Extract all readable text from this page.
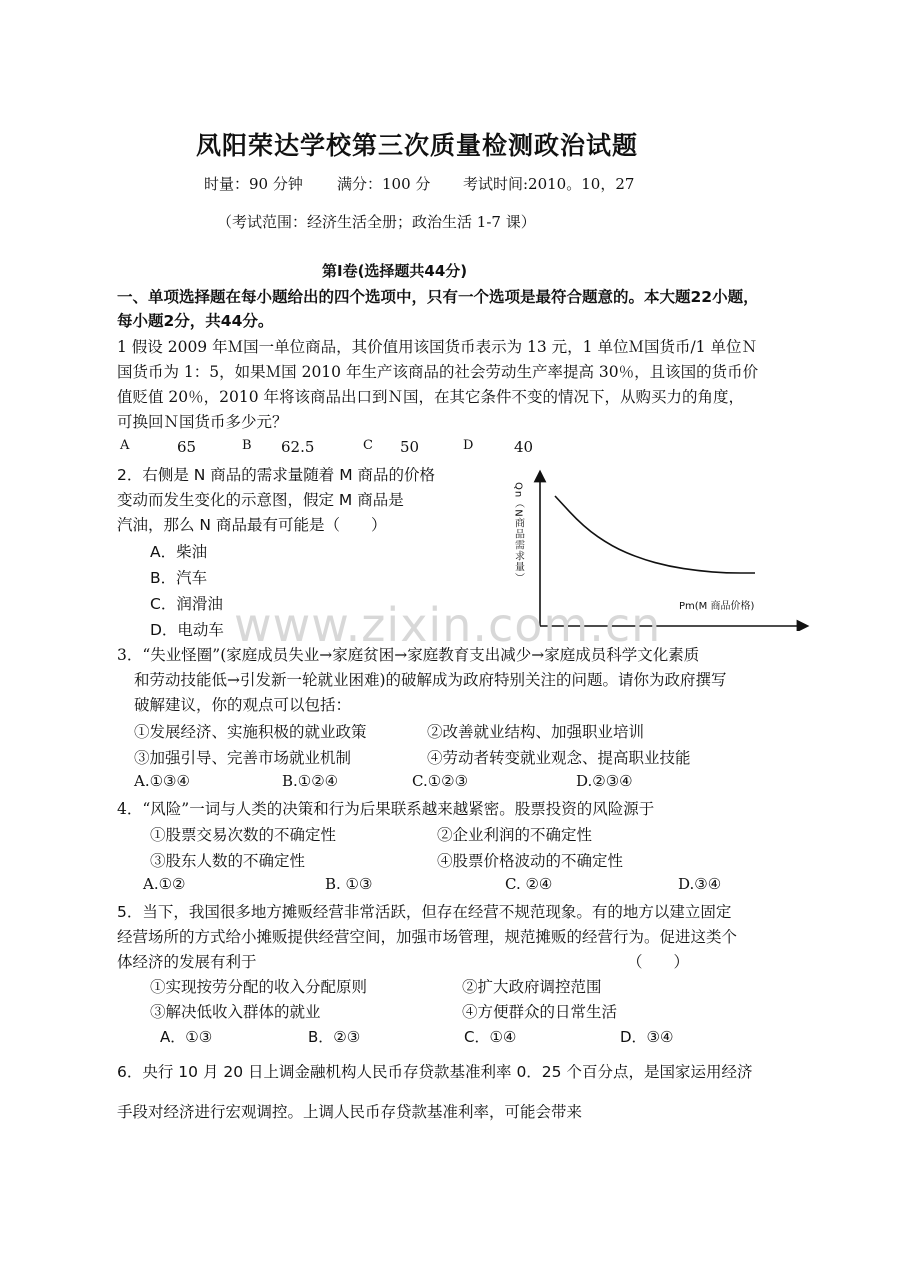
凤阳荣达学校第三次质量检测政治试题
时量：90 分钟 满分：100 分 考试时间:2010。10，27
（考试范围：经济生活全册；政治生活 1-7 课）
第Ⅰ卷(选择题共44分)
一、单项选择题在每小题给出的四个选项中，只有一个选项是最符合题意的。本大题22小题，
每小题2分，共44分。
1 假设 2009 年Ｍ国一单位商品，其价值用该国货币表示为 13 元，1 单位Ｍ国货币/1 单位Ｎ
国货币为 1：5，如果Ｍ国 2010 年生产该商品的社会劳动生产率提高 30％，且该国的货币价
值贬值 20％，2010 年将该商品出口到Ｎ国，在其它条件不变的情况下，从购买力的角度，
可换回Ｎ国货币多少元？
A	65	B 62.5	C 50	D	40
2．右侧是 N 商品的需求量随着 M 商品的价格
变动而发生变化的示意图，假定 M 商品是
汽油，那么 N 商品最有可能是（　　）
A．柴油
B．汽车
C．润滑油
D．电动车
Qn（N商品需求量）
Pm(M 商品价格)
3．“失业怪圈”(家庭成员失业→家庭贫困→家庭教育支出减少→家庭成员科学文化素质
和劳动技能低→引发新一轮就业困难)的破解成为政府特别关注的问题。请你为政府撰写
破解建议，你的观点可以包括：
①发展经济、实施积极的就业政策	②改善就业结构、加强职业培训
③加强引导、完善市场就业机制	④劳动者转变就业观念、提高职业技能
A.①③④	B.①②④	C.①②③	D.②③④
4．“风险”一词与人类的决策和行为后果联系越来越紧密。股票投资的风险源于
①股票交易次数的不确定性	②企业利润的不确定性
③股东人数的不确定性	④股票价格波动的不确定性
A.①②	B. ①③	C. ②④	D.③④
5．当下，我国很多地方摊贩经营非常活跃，但存在经营不规范现象。有的地方以建立固定
经营场所的方式给小摊贩提供经营空间，加强市场管理，规范摊贩的经营行为。促进这类个
体经济的发展有利于	（　　）
①实现按劳分配的收入分配原则	②扩大政府调控范围
③解决低收入群体的就业	④方便群众的日常生活
A．①③	B．②③	C．①④	D．③④
6．央行 10 月 20 日上调金融机构人民币存贷款基准利率 0．25 个百分点，是国家运用经济
手段对经济进行宏观调控。上调人民币存贷款基准利率，可能会带来
www.zixin.com.cn
